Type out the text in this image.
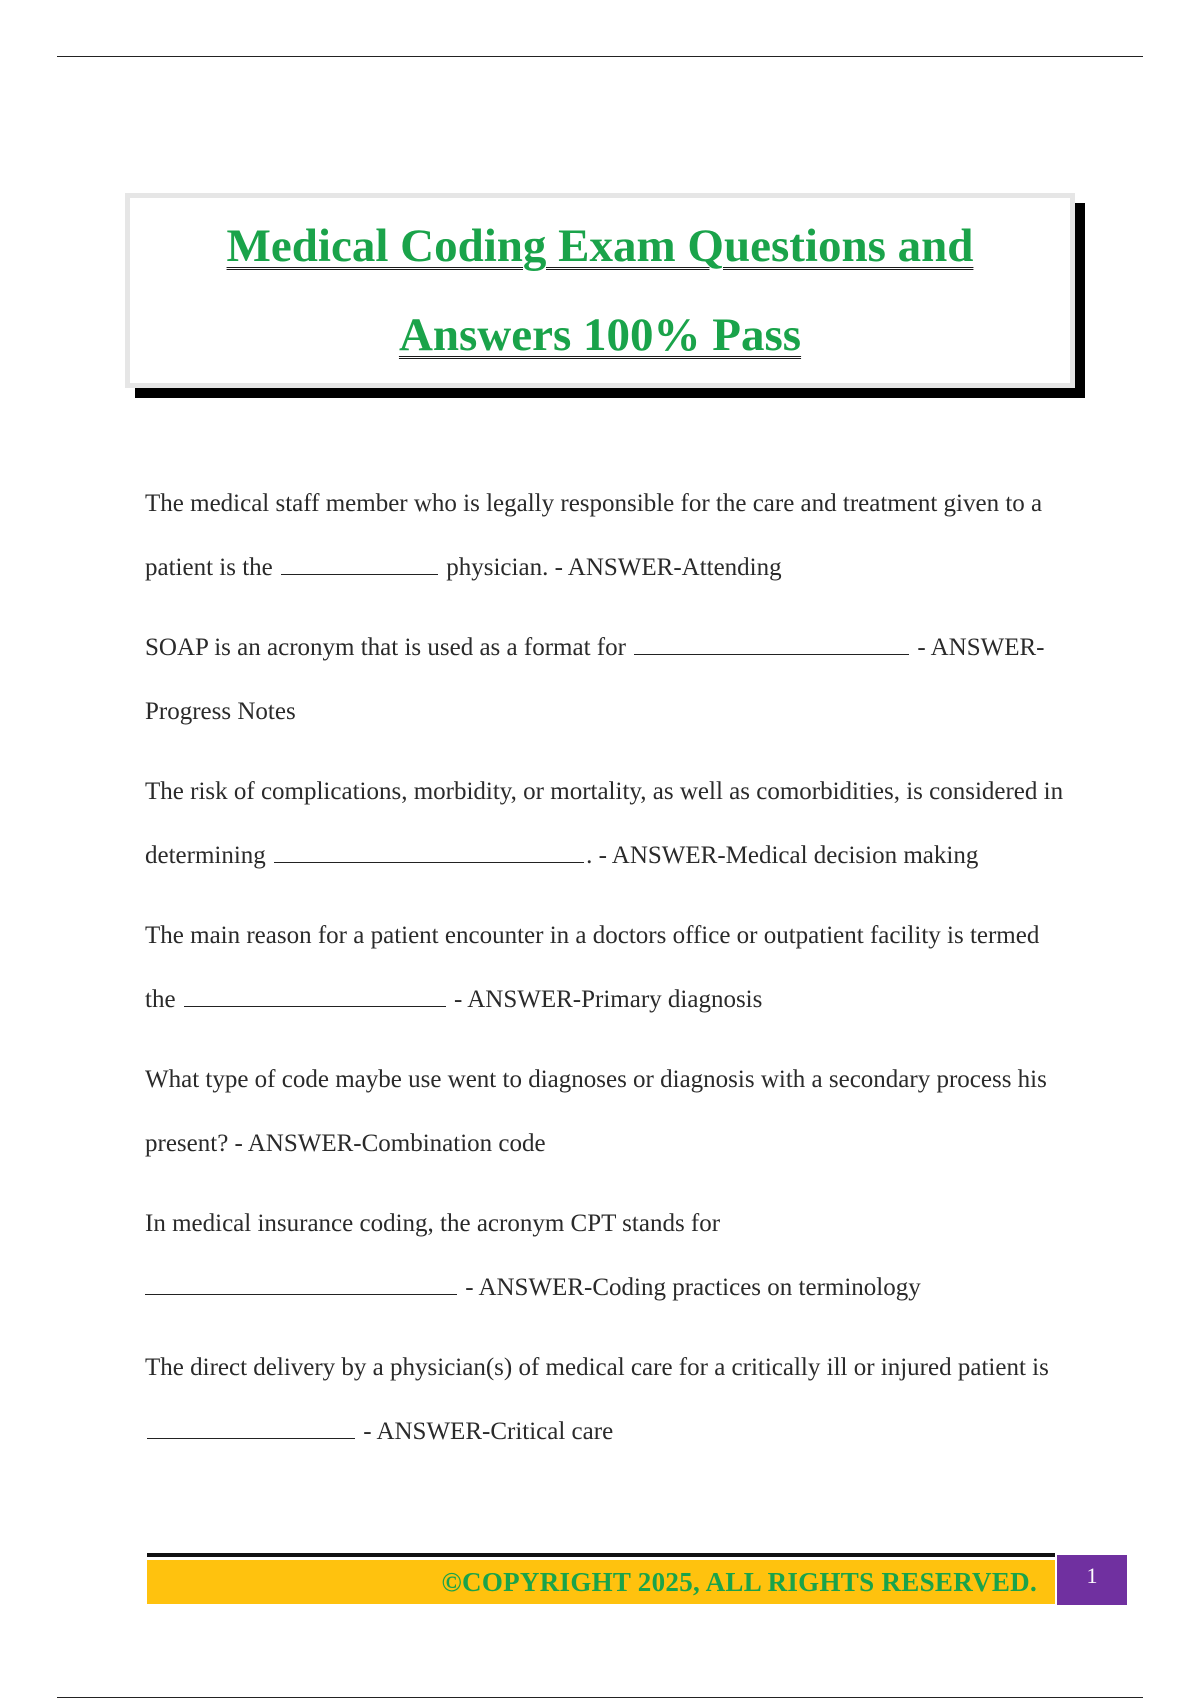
Medical Coding Exam Questions and
Answers 100% Pass

The medical staff member who is legally responsible for the care and treatment given to a patient is the	physician. - ANSWER-Attending

SOAP is an acronym that is used as a format for	- ANSWER-Progress Notes

The risk of complications, morbidity, or mortality, as well as comorbidities, is considered in determining	. - ANSWER-Medical decision making

The main reason for a patient encounter in a doctors office or outpatient facility is termed the	- ANSWER-Primary diagnosis

What type of code maybe use went to diagnoses or diagnosis with a secondary process his present? - ANSWER-Combination code

In medical insurance coding, the acronym CPT stands for
- ANSWER-Coding practices on terminology

The direct delivery by a physician(s) of medical care for a critically ill or injured patient is  - ANSWER-Critical care

©COPYRIGHT 2025, ALL RIGHTS RESERVED. 1
